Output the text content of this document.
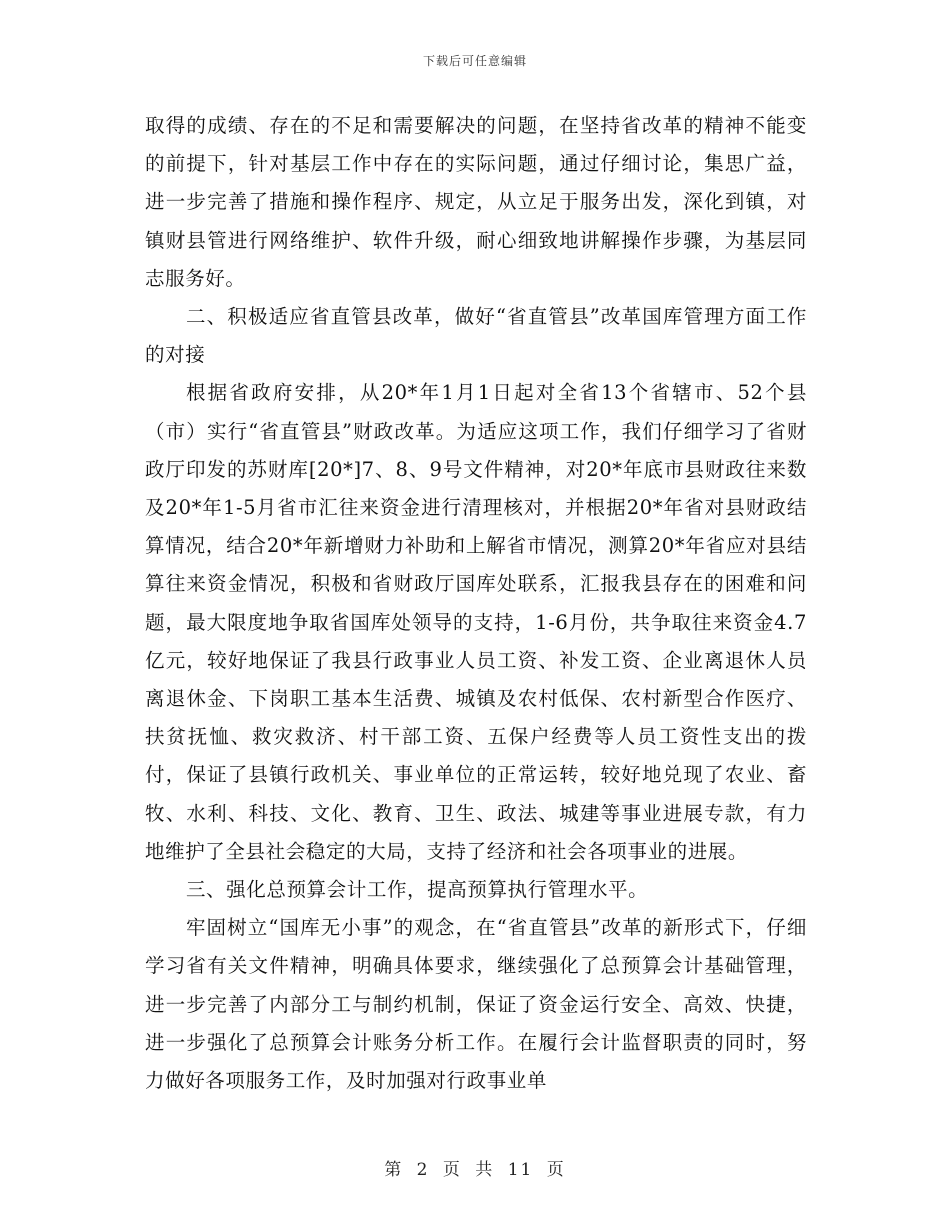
下载后可任意编辑

取得的成绩、存在的不足和需要解决的问题，在坚持省改革的精神不能变的前提下，针对基层工作中存在的实际问题，通过仔细讨论，集思广益，进一步完善了措施和操作程序、规定，从立足于服务出发，深化到镇，对镇财县管进行网络维护、软件升级，耐心细致地讲解操作步骤，为基层同志服务好。

二、积极适应省直管县改革，做好“省直管县”改革国库管理方面工作的对接

根据省政府安排，从20*年1月1日起对全省13个省辖市、52个县（市）实行“省直管县”财政改革。为适应这项工作，我们仔细学习了省财政厅印发的苏财库[20*]7、8、9号文件精神，对20*年底市县财政往来数及20*年1-5月省市汇往来资金进行清理核对，并根据20*年省对县财政结算情况，结合20*年新增财力补助和上解省市情况，测算20*年省应对县结算往来资金情况，积极和省财政厅国库处联系，汇报我县存在的困难和问题，最大限度地争取省国库处领导的支持，1-6月份，共争取往来资金4.7亿元，较好地保证了我县行政事业人员工资、补发工资、企业离退休人员离退休金、下岗职工基本生活费、城镇及农村低保、农村新型合作医疗、扶贫抚恤、救灾救济、村干部工资、五保户经费等人员工资性支出的拨付，保证了县镇行政机关、事业单位的正常运转，较好地兑现了农业、畜牧、水利、科技、文化、教育、卫生、政法、城建等事业进展专款，有力地维护了全县社会稳定的大局，支持了经济和社会各项事业的进展。

三、强化总预算会计工作，提高预算执行管理水平。

牢固树立“国库无小事”的观念，在“省直管县”改革的新形式下，仔细学习省有关文件精神，明确具体要求，继续强化了总预算会计基础管理，进一步完善了内部分工与制约机制，保证了资金运行安全、高效、快捷，进一步强化了总预算会计账务分析工作。在履行会计监督职责的同时，努力做好各项服务工作，及时加强对行政事业单

第 2 页 共 11 页
